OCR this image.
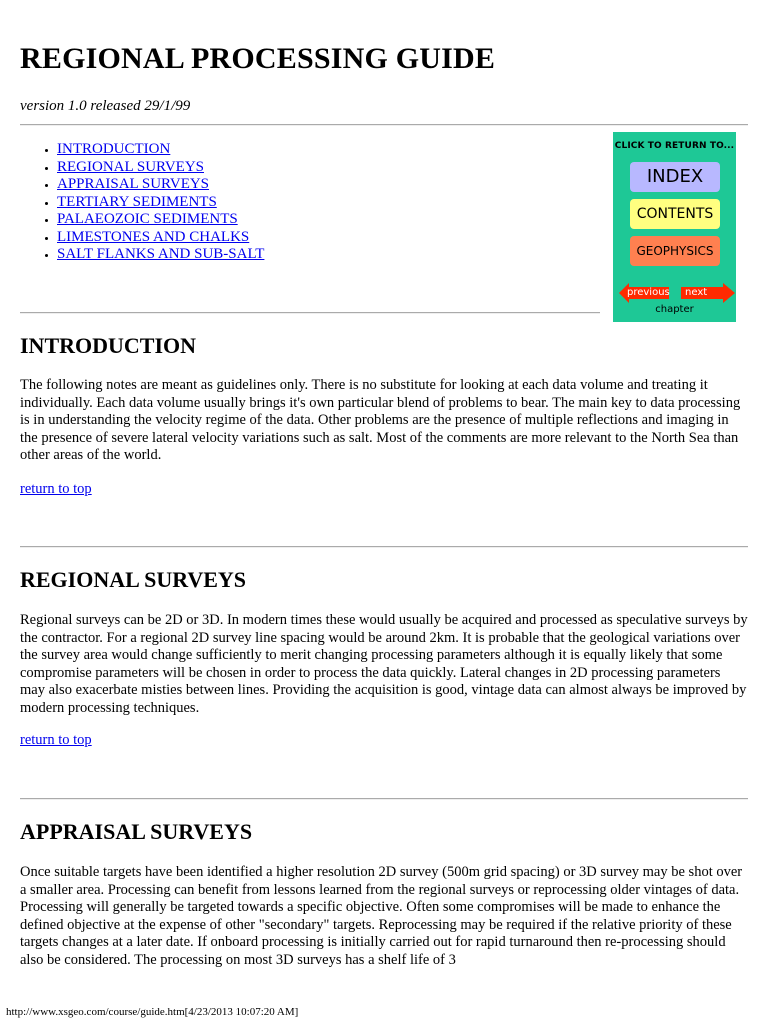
REGIONAL PROCESSING GUIDE
version 1.0 released 29/1/99
• INTRODUCTION
• REGIONAL SURVEYS
• APPRAISAL SURVEYS
• TERTIARY SEDIMENTS
• PALAEOZOIC SEDIMENTS
• LIMESTONES AND CHALKS
• SALT FLANKS AND SUB-SALT
CLICK TO RETURN TO...
INDEX
CONTENTS
GEOPHYSICS
previous	next
chapter
INTRODUCTION

The following notes are meant as guidelines only. There is no substitute for looking at each data volume and treating it individually. Each data volume usually brings it's own particular blend of problems to bear. The main key to data processing is in understanding the velocity regime of the data. Other problems are the presence of multiple reflections and imaging in the presence of severe lateral velocity variations such as salt. Most of the comments are more relevant to the North Sea than other areas of the world.

return to top
REGIONAL SURVEYS

Regional surveys can be 2D or 3D. In modern times these would usually be acquired and processed as speculative surveys by the contractor. For a regional 2D survey line spacing would be around 2km. It is probable that the geological variations over the survey area would change sufficiently to merit changing processing parameters although it is equally likely that some compromise parameters will be chosen in order to process the data quickly. Lateral changes in 2D processing parameters may also exacerbate misties between lines. Providing the acquisition is good, vintage data can almost always be improved by modern processing techniques.

return to top
APPRAISAL SURVEYS

Once suitable targets have been identified a higher resolution 2D survey (500m grid spacing) or 3D survey may be shot over a smaller area. Processing can benefit from lessons learned from the regional surveys or reprocessing older vintages of data. Processing will generally be targeted towards a specific objective. Often some compromises will be made to enhance the defined objective at the expense of other "secondary" targets. Reprocessing may be required if the relative priority of these targets changes at a later date. If onboard processing is initially carried out for rapid turnaround then re-processing should also be considered. The processing on most 3D surveys has a shelf life of 3

http://www.xsgeo.com/course/guide.htm[4/23/2013 10:07:20 AM]
